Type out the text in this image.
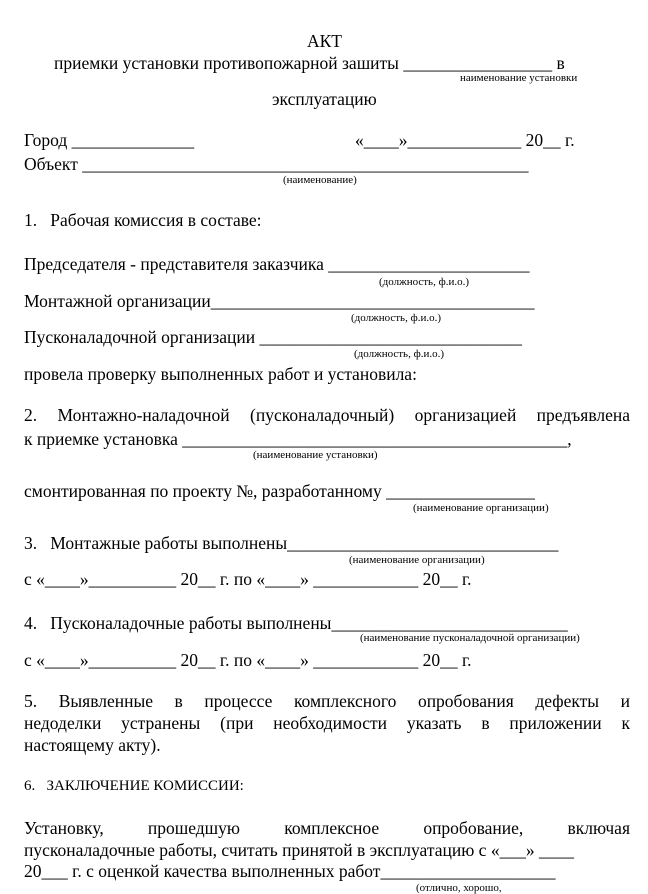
АКТ
приемки установки противопожарной зашиты _________________ в
наименование установки
эксплуатацию
Город ______________	«____»_____________ 20__ г.
Объект ___________________________________________________
(наименование)
1.   Рабочая комиссия в составе:
Председателя - представителя заказчика _______________________
(должность, ф.и.о.)
Монтажной организации_____________________________________
(должность, ф.и.о.)
Пусконаладочной организации ______________________________
(должность, ф.и.о.)
провела проверку выполненных работ и установила:
2. Монтажно-наладочной (пусконаладочный) организацией предъявлена
к приемке установка ____________________________________________,
(наименование установки)
смонтированная по проекту №, разработанному _________________
(наименование организации)
3.   Монтажные работы выполнены_______________________________
(наименование организации)
с «____»__________ 20__ г. по «____» ____________ 20__ г.
4.   Пусконаладочные работы выполнены___________________________
(наименование пусконаладочной организации)
с «____»__________ 20__ г. по «____» ____________ 20__ г.
5. Выявленные в процессе комплексного опробования дефекты и
недоделки устранены (при необходимости указать в приложении к
настоящему акту).
6.   ЗАКЛЮЧЕНИЕ КОМИССИИ:
Установку, прошедшую комплексное опробование, включая
пусконаладочные работы, считать принятой в эксплуатацию с «___» ____
20___ г. с оценкой качества выполненных работ____________________
(отлично, хорошо,
